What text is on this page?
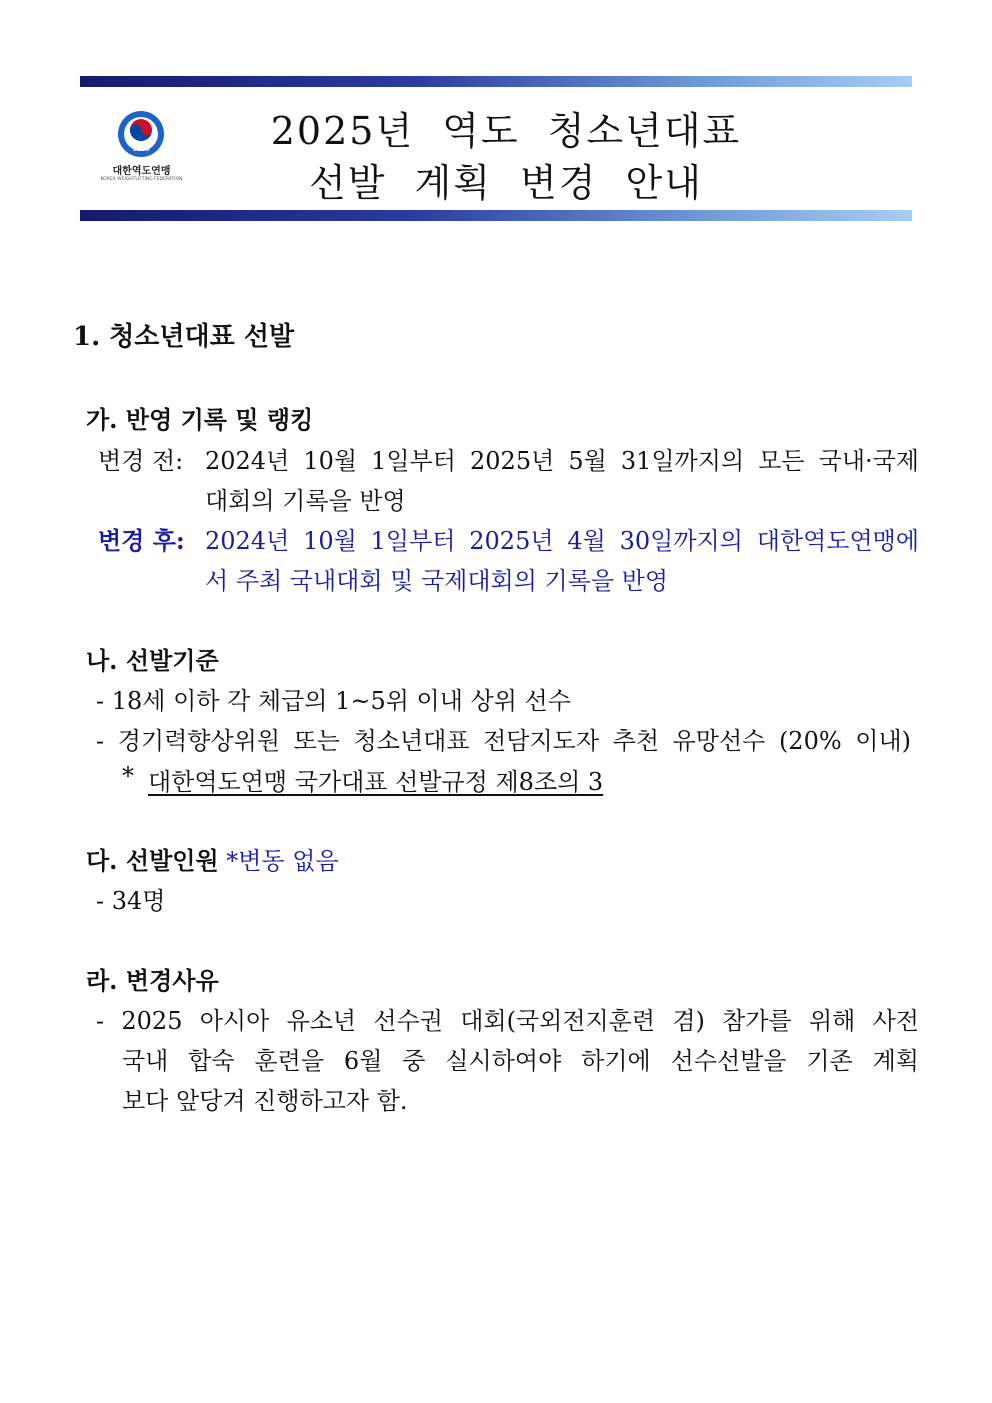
1936
대한역도연맹
KOREA WEIGHTLIFTING FEDERATION
2025년 역도 청소년대표
선발 계획 변경 안내
1. 청소년대표 선발
가. 반영 기록 및 랭킹
변경 전: 2024년 10월 1일부터 2025년 5월 31일까지의 모든 국내·국제
대회의 기록을 반영
변경 후: 2024년 10월 1일부터 2025년 4월 30일까지의 대한역도연맹에
서 주최 국내대회 및 국제대회의 기록을 반영
나. 선발기준
- 18세 이하 각 체급의 1~5위 이내 상위 선수
- 경기력향상위원 또는 청소년대표 전담지도자 추천 유망선수 (20% 이내)
* 대한역도연맹 국가대표 선발규정 제8조의 3
다. 선발인원 *변동 없음
- 34명
라. 변경사유
- 2025 아시아 유소년 선수권 대회(국외전지훈련 겸) 참가를 위해 사전
국내 합숙 훈련을 6월 중 실시하여야 하기에 선수선발을 기존 계획
보다 앞당겨 진행하고자 함.
